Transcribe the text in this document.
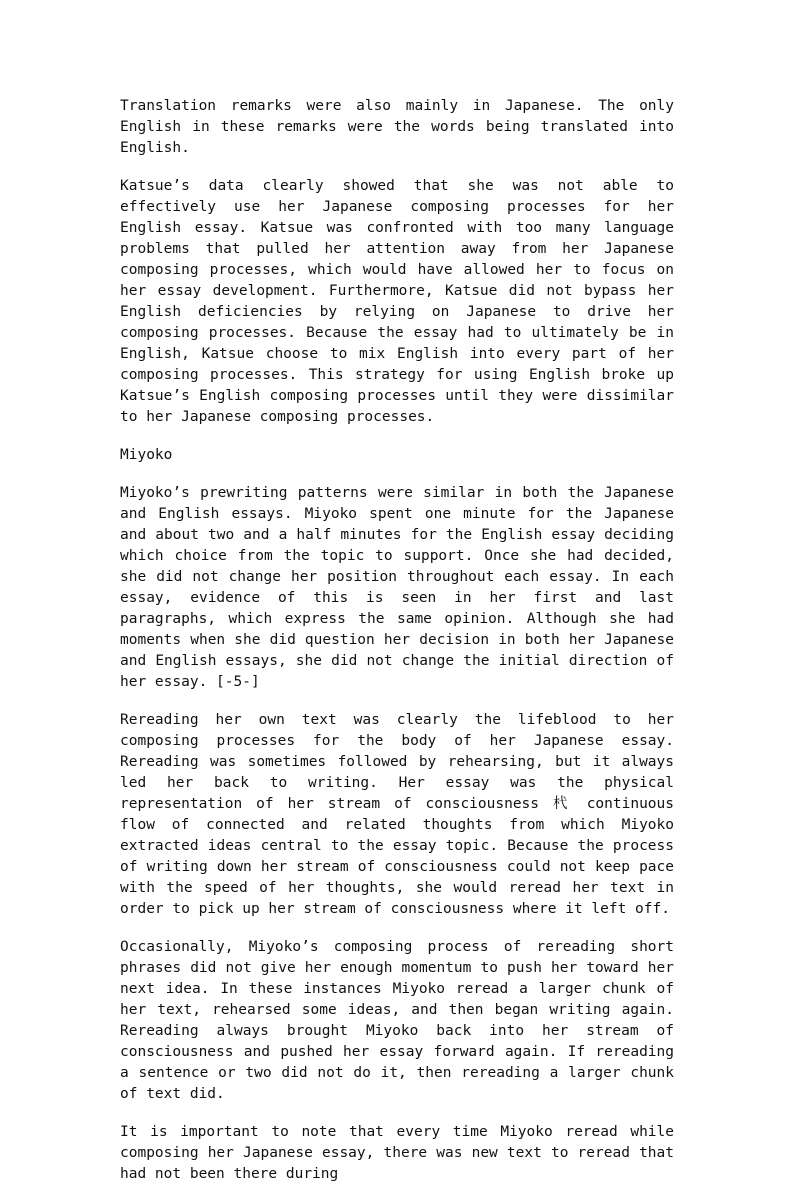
Translation remarks were also mainly in Japanese. The only English in these remarks were the words being translated into English.

Katsue’s data clearly showed that she was not able to effectively use her Japanese composing processes for her English essay. Katsue was confronted with too many language problems that pulled her attention away from her Japanese composing processes, which would have allowed her to focus on her essay development. Furthermore, Katsue did not bypass her English deficiencies by relying on Japanese to drive her composing processes. Because the essay had to ultimately be in English, Katsue choose to mix English into every part of her composing processes. This strategy for using English broke up Katsue’s English composing processes until they were dissimilar to her Japanese composing processes.

Miyoko

Miyoko’s prewriting patterns were similar in both the Japanese and English essays. Miyoko spent one minute for the Japanese and about two and a half minutes for the English essay deciding which choice from the topic to support. Once she had decided, she did not change her position throughout each essay. In each essay, evidence of this is seen in her first and last paragraphs, which express the same opinion. Although she had moments when she did question her decision in both her Japanese and English essays, she did not change the initial direction of her essay. [-5-]

Rereading her own text was clearly the lifeblood to her composing processes for the body of her Japanese essay. Rereading was sometimes followed by rehearsing, but it always led her back to writing. Her essay was the physical representation of her stream of consciousness 杙 continuous flow of connected and related thoughts from which Miyoko extracted ideas central to the essay topic. Because the process of writing down her stream of consciousness could not keep pace with the speed of her thoughts, she would reread her text in order to pick up her stream of consciousness where it left off.

Occasionally, Miyoko’s composing process of rereading short phrases did not give her enough momentum to push her toward her next idea. In these instances Miyoko reread a larger chunk of her text, rehearsed some ideas, and then began writing again. Rereading always brought Miyoko back into her stream of consciousness and pushed her essay forward again. If rereading a sentence or two did not do it, then rereading a larger chunk of text did.

It is important to note that every time Miyoko reread while composing her Japanese essay, there was new text to reread that had not been there during
